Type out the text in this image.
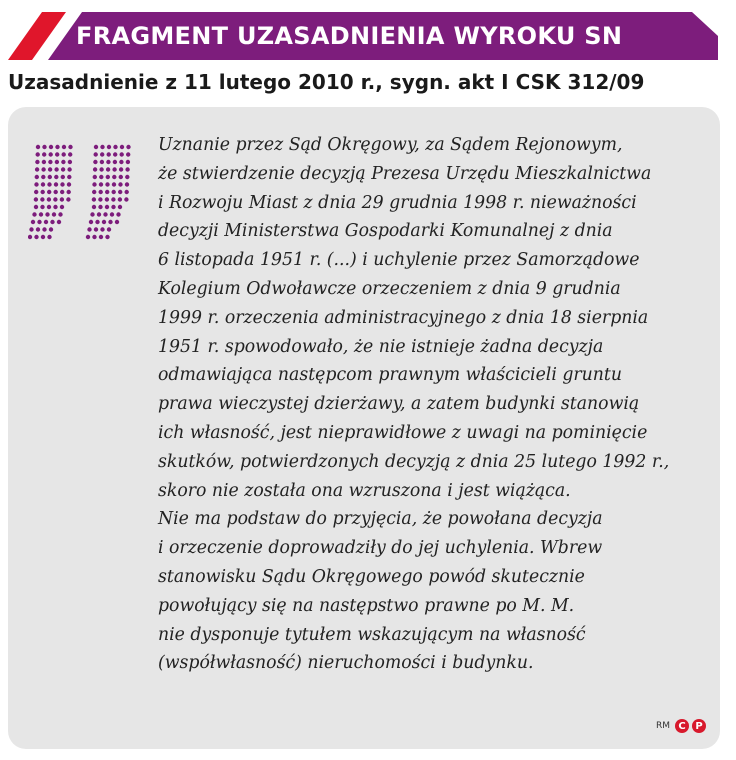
FRAGMENT UZASADNIENIA WYROKU SN
Uzasadnienie z 11 lutego 2010 r., sygn. akt I CSK 312/09

Uznanie przez Sąd Okręgowy, za Sądem Rejonowym,
że stwierdzenie decyzją Prezesa Urzędu Mieszkalnictwa
i Rozwoju Miast z dnia 29 grudnia 1998 r. nieważności
decyzji Ministerstwa Gospodarki Komunalnej z dnia
6 listopada 1951 r. (...) i uchylenie przez Samorządowe
Kolegium Odwoławcze orzeczeniem z dnia 9 grudnia
1999 r. orzeczenia administracyjnego z dnia 18 sierpnia
1951 r. spowodowało, że nie istnieje żadna decyzja
odmawiająca następcom prawnym właścicieli gruntu
prawa wieczystej dzierżawy, a zatem budynki stanowią
ich własność, jest nieprawidłowe z uwagi na pominięcie
skutków, potwierdzonych decyzją z dnia 25 lutego 1992 r.,
skoro nie została ona wzruszona i jest wiążąca.
Nie ma podstaw do przyjęcia, że powołana decyzja
i orzeczenie doprowadziły do jej uchylenia. Wbrew
stanowisku Sądu Okręgowego powód skutecznie
powołujący się na następstwo prawne po M. M.
nie dysponuje tytułem wskazującym na własność
(współwłasność) nieruchomości i budynku.

RM C P
